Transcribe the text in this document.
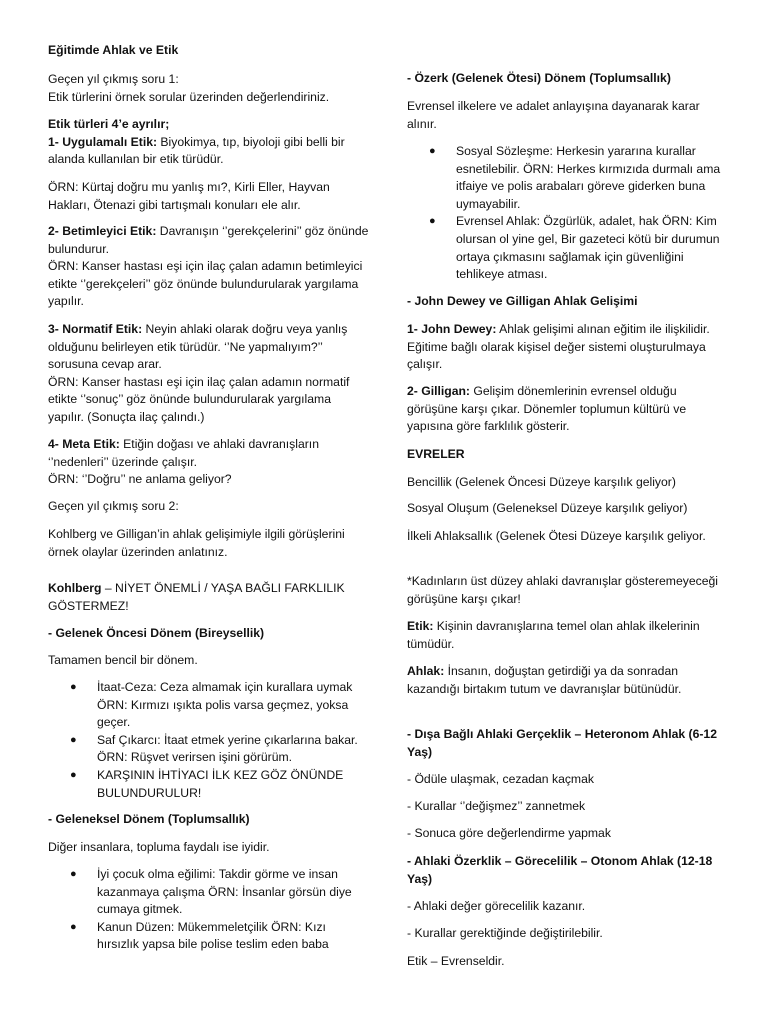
Eğitimde Ahlak ve Etik

Geçen yıl çıkmış soru 1:
Etik türlerini örnek sorular üzerinden değerlendiriniz.

Etik türleri 4’e ayrılır;
1- Uygulamalı Etik: Biyokimya, tıp, biyoloji gibi belli bir alanda kullanılan bir etik türüdür.

ÖRN: Kürtaj doğru mu yanlış mı?, Kirli Eller, Hayvan Hakları, Ötenazi gibi tartışmalı konuları ele alır.

2- Betimleyici Etik: Davranışın ‘’gerekçelerini’’ göz önünde bulundurur.
ÖRN: Kanser hastası eşi için ilaç çalan adamın betimleyici etikte ‘’gerekçeleri’’ göz önünde bulundurularak yargılama yapılır.

3- Normatif Etik: Neyin ahlaki olarak doğru veya yanlış olduğunu belirleyen etik türüdür. ‘’Ne yapmalıyım?’’ sorusuna cevap arar.
ÖRN: Kanser hastası eşi için ilaç çalan adamın normatif etikte ‘’sonuç’’ göz önünde bulundurularak yargılama yapılır. (Sonuçta ilaç çalındı.)

4- Meta Etik: Etiğin doğası ve ahlaki davranışların ‘’nedenleri’’ üzerinde çalışır.
ÖRN: ‘’Doğru’’ ne anlama geliyor?

Geçen yıl çıkmış soru 2:

Kohlberg ve Gilligan’in ahlak gelişimiyle ilgili görüşlerini örnek olaylar üzerinden anlatınız.

Kohlberg – NİYET ÖNEMLİ / YAŞA BAĞLI FARKLILIK GÖSTERMEZ!

- Gelenek Öncesi Dönem (Bireysellik)

Tamamen bencil bir dönem.

● İtaat-Ceza: Ceza almamak için kurallara uymak ÖRN: Kırmızı ışıkta polis varsa geçmez, yoksa geçer.
● Saf Çıkarcı: İtaat etmek yerine çıkarlarına bakar. ÖRN: Rüşvet verirsen işini görürüm.
● KARŞININ İHTİYACI İLK KEZ GÖZ ÖNÜNDE BULUNDURULUR!

- Geleneksel Dönem (Toplumsallık)

Diğer insanlara, topluma faydalı ise iyidir.

● İyi çocuk olma eğilimi: Takdir görme ve insan kazanmaya çalışma ÖRN: İnsanlar görsün diye cumaya gitmek.
● Kanun Düzen: Mükemmeletçilik ÖRN: Kızı hırsızlık yapsa bile polise teslim eden baba

- Özerk (Gelenek Ötesi) Dönem (Toplumsallık)

Evrensel ilkelere ve adalet anlayışına dayanarak karar alınır.

● Sosyal Sözleşme: Herkesin yararına kurallar esnetilebilir. ÖRN: Herkes kırmızıda durmalı ama itfaiye ve polis arabaları göreve giderken buna uymayabilir.
● Evrensel Ahlak: Özgürlük, adalet, hak ÖRN: Kim olursan ol yine gel, Bir gazeteci kötü bir durumun ortaya çıkmasını sağlamak için güvenliğini tehlikeye atması.

- John Dewey ve Gilligan Ahlak Gelişimi

1- John Dewey: Ahlak gelişimi alınan eğitim ile ilişkilidir. Eğitime bağlı olarak kişisel değer sistemi oluşturulmaya çalışır.

2- Gilligan: Gelişim dönemlerinin evrensel olduğu görüşüne karşı çıkar. Dönemler toplumun kültürü ve yapısına göre farklılık gösterir.

EVRELER

Bencillik (Gelenek Öncesi Düzeye karşılık geliyor)

Sosyal Oluşum (Geleneksel Düzeye karşılık geliyor)

İlkeli Ahlaksallık (Gelenek Ötesi Düzeye karşılık geliyor.

*Kadınların üst düzey ahlaki davranışlar gösteremeyeceği görüşüne karşı çıkar!

Etik: Kişinin davranışlarına temel olan ahlak ilkelerinin tümüdür.

Ahlak: İnsanın, doğuştan getirdiği ya da sonradan kazandığı birtakım tutum ve davranışlar bütünüdür.

- Dışa Bağlı Ahlaki Gerçeklik – Heteronom Ahlak (6-12 Yaş)

- Ödüle ulaşmak, cezadan kaçmak

- Kurallar ‘’değişmez’’ zannetmek

- Sonuca göre değerlendirme yapmak

- Ahlaki Özerklik – Görecelilik – Otonom Ahlak (12-18 Yaş)

- Ahlaki değer görecelilik kazanır.

- Kurallar gerektiğinde değiştirilebilir.

Etik – Evrenseldir.
